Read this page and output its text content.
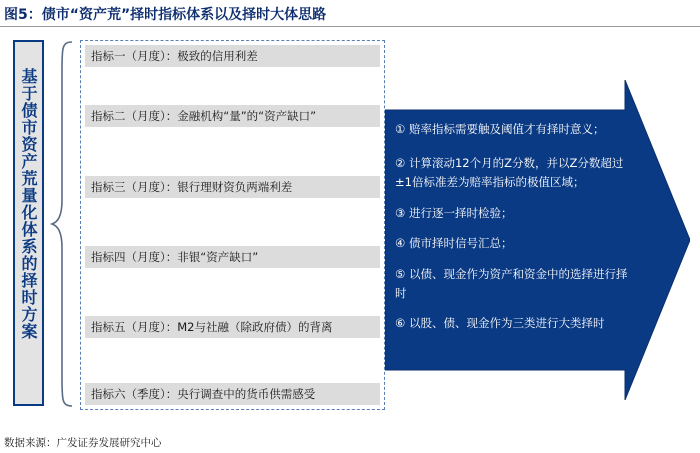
图5：债市“资产荒”择时指标体系以及择时大体思路
基于债市资产荒量化体系的择时方案
指标一（月度）：极致的信用利差
指标二（月度）：金融机构“量”的“资产缺口”
指标三（月度）：银行理财资负两端利差
指标四（月度）：非银“资产缺口”
指标五（月度）：M2与社融（除政府债）的背离
指标六（季度）：央行调查中的货币供需感受
① 赔率指标需要触及阈值才有择时意义；
② 计算滚动12个月的Z分数，并以Z分数超过±1倍标准差为赔率指标的极值区域；
③ 进行逐一择时检验；
④ 债市择时信号汇总；
⑤ 以债、现金作为资产和资金中的选择进行择时
⑥ 以股、债、现金作为三类进行大类择时
数据来源：广发证券发展研究中心
